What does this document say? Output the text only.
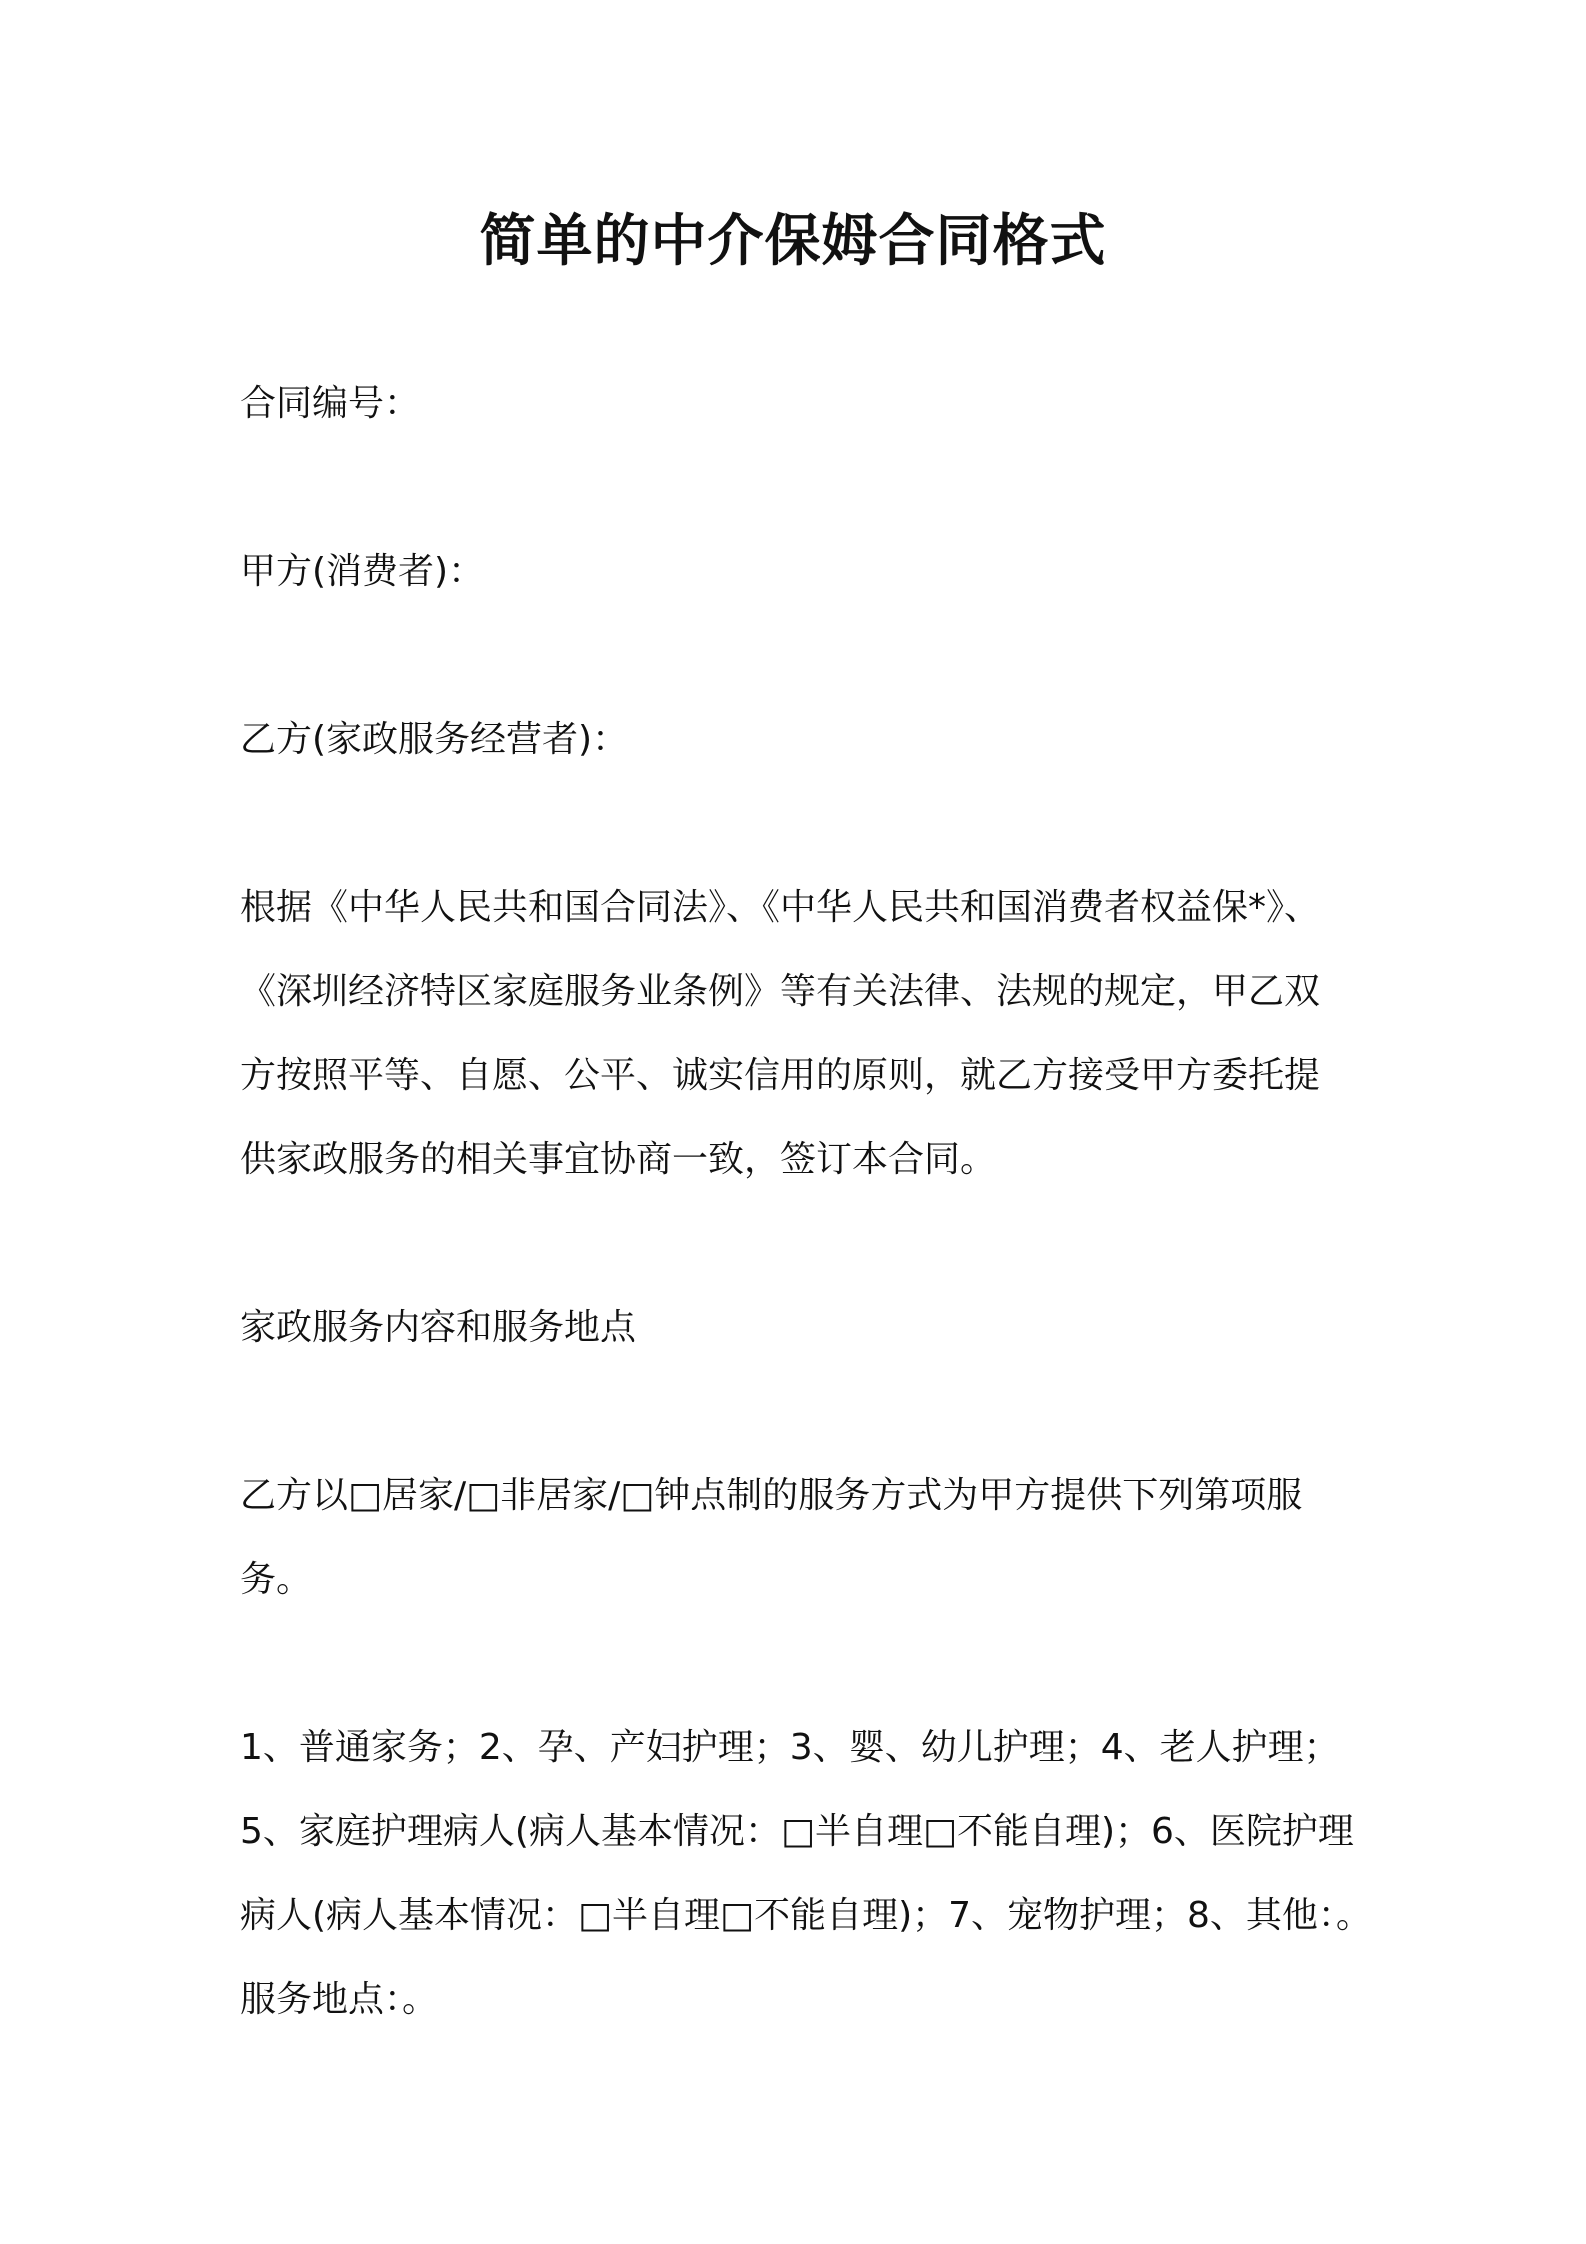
简单的中介保姆合同格式
合同编号：
甲方(消费者)：
乙方(家政服务经营者)：
根据《中华人民共和国合同法》、《中华人民共和国消费者权益保*》、
《深圳经济特区家庭服务业条例》等有关法律、法规的规定，甲乙双
方按照平等、自愿、公平、诚实信用的原则，就乙方接受甲方委托提
供家政服务的相关事宜协商一致，签订本合同。
家政服务内容和服务地点
乙方以□居家/□非居家/□钟点制的服务方式为甲方提供下列第项服
务。
1、普通家务；2、孕、产妇护理；3、婴、幼儿护理；4、老人护理；
5、家庭护理病人(病人基本情况：□半自理□不能自理)；6、医院护理
病人(病人基本情况：□半自理□不能自理)；7、宠物护理；8、其他：。
服务地点：。
